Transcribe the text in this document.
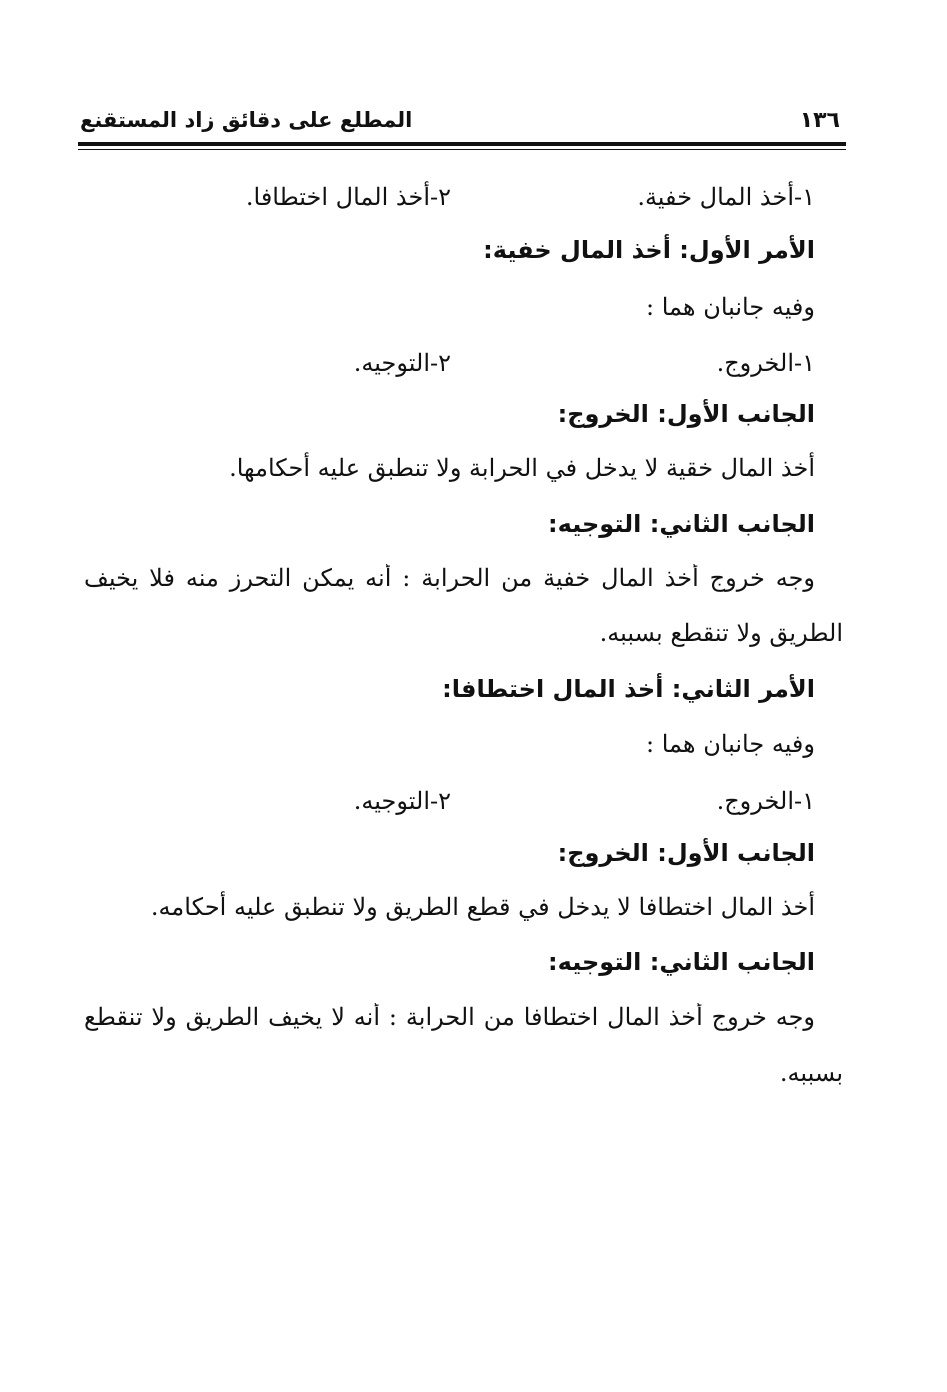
١٣٦
المطلع على دقائق زاد المستقنع
١-أخذ المال خفية.
٢-أخذ المال اختطافا.
الأمر الأول: أخذ المال خفية:
وفيه جانبان هما :
١-الخروج.
٢-التوجيه.
الجانب الأول: الخروج:
أخذ المال خقية لا يدخل في الحرابة ولا تنطبق عليه أحكامها.
الجانب الثاني: التوجيه:
وجه خروج أخذ المال خفية من الحرابة : أنه يمكن التحرز منه فلا يخيف
الطريق ولا تنقطع بسببه.
الأمر الثاني: أخذ المال اختطافا:
وفيه جانبان هما :
١-الخروج.
٢-التوجيه.
الجانب الأول: الخروج:
أخذ المال اختطافا لا يدخل في قطع الطريق ولا تنطبق عليه أحكامه.
الجانب الثاني: التوجيه:
وجه خروج أخذ المال اختطافا من الحرابة : أنه لا يخيف الطريق ولا تنقطع
بسببه.
